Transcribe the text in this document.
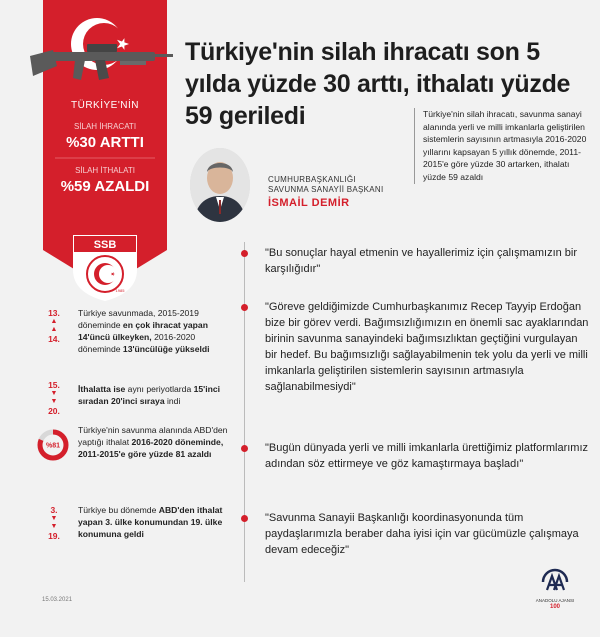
TÜRKİYE'NİN
SİLAH İHRACATI
%30 ARTTI
SİLAH İTHALATI
%59 AZALDI
SSB
1985
Türkiye'nin silah ihracatı son 5 yılda yüzde 30 arttı, ithalatı yüzde 59 geriledi	Türkiye'nin silah ihracatı, savunma sanayi alanında yerli ve milli imkanlarla geliştirilen sistemlerin sayısının artmasıyla 2016-2020 yıllarını kapsayan 5 yıllık dönemde, 2011-2015'e göre yüzde 30 artarken, ithalatı yüzde 59 azaldı
CUMHURBAŞKANLIĞI
SAVUNMA SANAYİİ BAŞKANI
İSMAİL DEMİR
"Bu sonuçlar hayal etmenin ve hayallerimiz için çalışmamızın bir karşılığıdır"
"Göreve geldiğimizde Cumhurbaşkanımız Recep Tayyip Erdoğan bize bir görev verdi. Bağımsızlığımızın en önemli sac ayaklarından birinin savunma sanayindeki bağımsızlıktan geçtiğini vurgulayan bir hedef. Bu bağımsızlığı sağlayabilmenin tek yolu da yerli ve milli imkanlarla geliştirilen sistemlerin sayısının artmasıyla sağlanabilmesiydi"
"Bugün dünyada yerli ve milli imkanlarla ürettiğimiz platformlarımız adından söz ettirmeye ve göz kamaştırmaya başladı"
"Savunma Sanayii Başkanlığı koordinasyonunda tüm paydaşlarımızla beraber daha iyisi için var gücümüzle çalışmaya devam edeceğiz"
13.
▲
▲
14.
Türkiye savunmada, 2015-2019 döneminde en çok ihracat yapan 14'üncü ülkeyken, 2016-2020 döneminde 13'üncülüğe yükseldi
15.
▼
▼
20.
İthalatta ise aynı periyotlarda 15'inci sıradan 20'inci sıraya indi
%81
Türkiye'nin savunma alanında ABD'den yaptığı ithalat 2016-2020 döneminde, 2011-2015'e göre yüzde 81 azaldı
3.
▼
▼
19.
Türkiye bu dönemde ABD'den ithalat yapan 3. ülke konumundan 19. ülke konumuna geldi
15.03.2021	ANADOLU AJANSI
100
